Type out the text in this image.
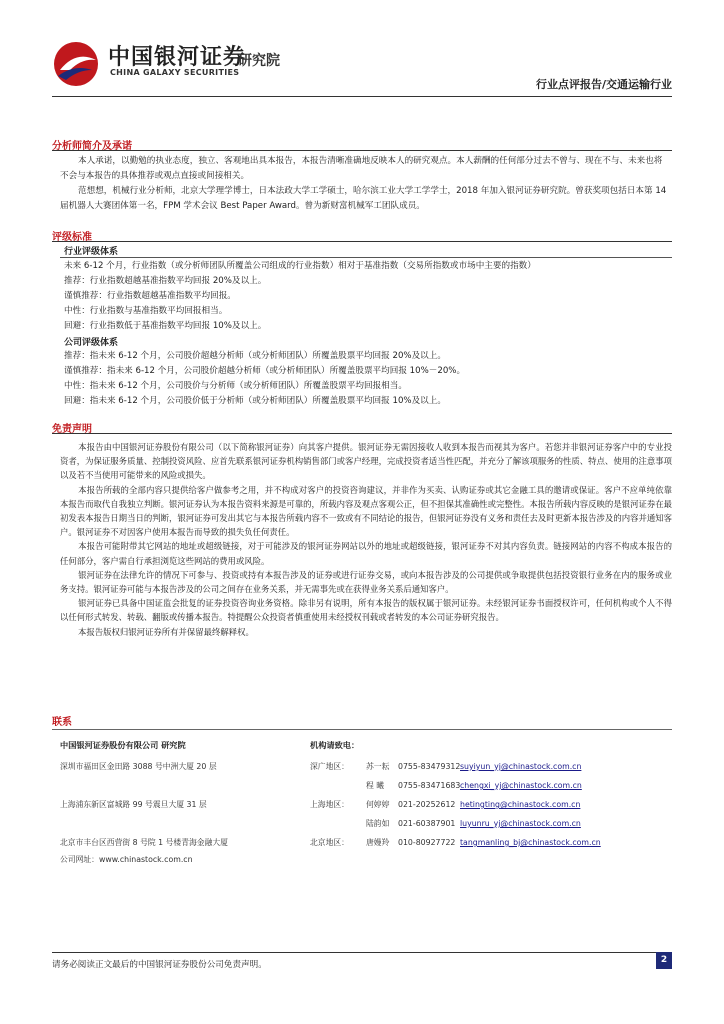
中国银河证券
CHINA GALAXY SECURITIES
研究院
行业点评报告/交通运输行业
分析师简介及承诺
本人承诺，以勤勉的执业态度，独立、客观地出具本报告，本报告清晰准确地反映本人的研究观点。本人薪酬的任何部分过去不曾与、现在不与、未来也将不会与本报告的具体推荐或观点直接或间接相关。
范想想，机械行业分析师，北京大学理学博士，日本法政大学工学硕士，哈尔滨工业大学工学学士，2018 年加入银河证券研究院。曾获奖项包括日本第 14 届机器人大赛团体第一名，FPM 学术会议 Best Paper Award。曾为新财富机械军工团队成员。
评级标准
行业评级体系
未来 6-12 个月，行业指数（或分析师团队所覆盖公司组成的行业指数）相对于基准指数（交易所指数或市场中主要的指数）
推荐：行业指数超越基准指数平均回报 20%及以上。
谨慎推荐：行业指数超越基准指数平均回报。
中性：行业指数与基准指数平均回报相当。
回避：行业指数低于基准指数平均回报 10%及以上。
公司评级体系
推荐：指未来 6-12 个月，公司股价超越分析师（或分析师团队）所覆盖股票平均回报 20%及以上。
谨慎推荐：指未来 6-12 个月，公司股价超越分析师（或分析师团队）所覆盖股票平均回报 10%－20%。
中性：指未来 6-12 个月，公司股价与分析师（或分析师团队）所覆盖股票平均回报相当。
回避：指未来 6-12 个月，公司股价低于分析师（或分析师团队）所覆盖股票平均回报 10%及以上。
免责声明
本报告由中国银河证券股份有限公司（以下简称银河证券）向其客户提供。银河证券无需因接收人收到本报告而视其为客户。若您并非银河证券客户中的专业投资者，为保证服务质量、控制投资风险、应首先联系银河证券机构销售部门或客户经理，完成投资者适当性匹配，并充分了解该项服务的性质、特点、使用的注意事项以及若不当使用可能带来的风险或损失。
本报告所载的全部内容只提供给客户做参考之用，并不构成对客户的投资咨询建议，并非作为买卖、认购证券或其它金融工具的邀请或保证。客户不应单纯依靠本报告而取代自我独立判断。银河证券认为本报告资料来源是可靠的，所载内容及观点客观公正，但不担保其准确性或完整性。本报告所载内容反映的是银河证券在最初发表本报告日期当日的判断，银河证券可发出其它与本报告所载内容不一致或有不同结论的报告，但银河证券没有义务和责任去及时更新本报告涉及的内容并通知客户。银河证券不对因客户使用本报告而导致的损失负任何责任。
本报告可能附带其它网站的地址或超级链接，对于可能涉及的银河证券网站以外的地址或超级链接，银河证券不对其内容负责。链接网站的内容不构成本报告的任何部分，客户需自行承担浏览这些网站的费用或风险。
银河证券在法律允许的情况下可参与、投资或持有本报告涉及的证券或进行证券交易，或向本报告涉及的公司提供或争取提供包括投资银行业务在内的服务或业务支持。银河证券可能与本报告涉及的公司之间存在业务关系，并无需事先或在获得业务关系后通知客户。
银河证券已具备中国证监会批复的证券投资咨询业务资格。除非另有说明，所有本报告的版权属于银河证券。未经银河证券书面授权许可，任何机构或个人不得以任何形式转发、转载、翻版或传播本报告。特提醒公众投资者慎重使用未经授权刊载或者转发的本公司证券研究报告。
本报告版权归银河证券所有并保留最终解释权。
联系
中国银河证券股份有限公司 研究院
深圳市福田区金田路 3088 号中洲大厦 20 层
上海浦东新区富城路 99 号震旦大厦 31 层
北京市丰台区西营街 8 号院 1 号楼青海金融大厦
公司网址：www.chinastock.com.cn
机构请致电：
深广地区： 苏一耘 0755-83479312suyiyun_yj@chinastock.com.cn
程 曦 0755-83471683chengxi_yj@chinastock.com.cn
上海地区： 何婷婷 021-20252612 hetingting@chinastock.com.cn
陆韵如 021-60387901 luyunru_yj@chinastock.com.cn
北京地区： 唐嫚羚 010-80927722 tangmanling_bj@chinastock.com.cn
请务必阅读正文最后的中国银河证券股份公司免责声明。	2
